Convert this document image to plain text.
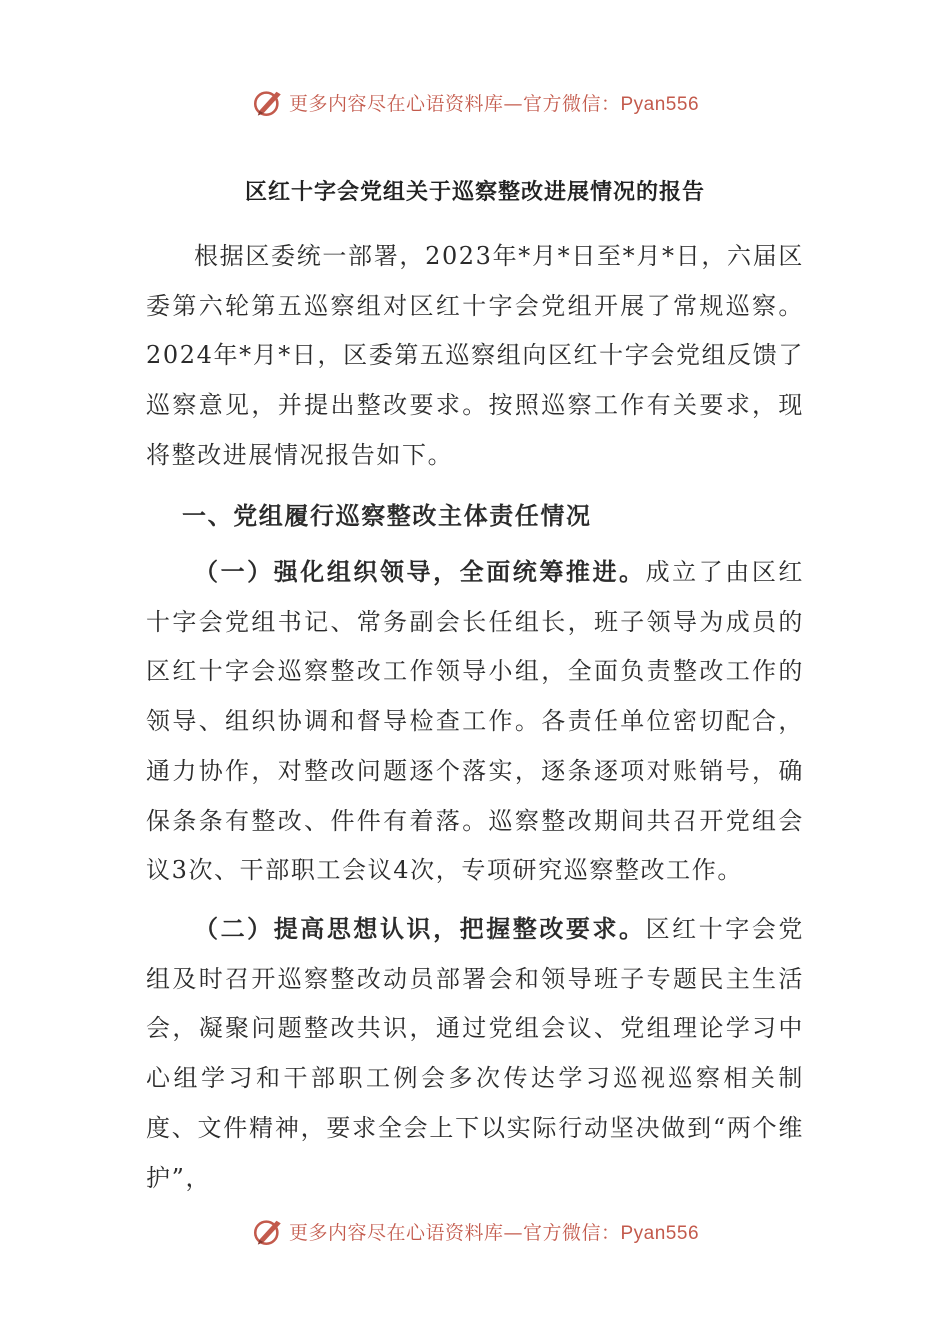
更多内容尽在心语资料库—官方微信：Pyan556
区红十字会党组关于巡察整改进展情况的报告

根据区委统一部署，2023年*月*日至*月*日，六届区委第六轮第五巡察组对区红十字会党组开展了常规巡察。2024年*月*日，区委第五巡察组向区红十字会党组反馈了巡察意见，并提出整改要求。按照巡察工作有关要求，现将整改进展情况报告如下。

一、党组履行巡察整改主体责任情况

（一）强化组织领导，全面统筹推进。成立了由区红十字会党组书记、常务副会长任组长，班子领导为成员的区红十字会巡察整改工作领导小组，全面负责整改工作的领导、组织协调和督导检查工作。各责任单位密切配合，通力协作，对整改问题逐个落实，逐条逐项对账销号，确保条条有整改、件件有着落。巡察整改期间共召开党组会议3次、干部职工会议4次，专项研究巡察整改工作。

（二）提高思想认识，把握整改要求。区红十字会党组及时召开巡察整改动员部署会和领导班子专题民主生活会，凝聚问题整改共识，通过党组会议、党组理论学习中心组学习和干部职工例会多次传达学习巡视巡察相关制度、文件精神，要求全会上下以实际行动坚决做到“两个维护”，

更多内容尽在心语资料库—官方微信：Pyan556
